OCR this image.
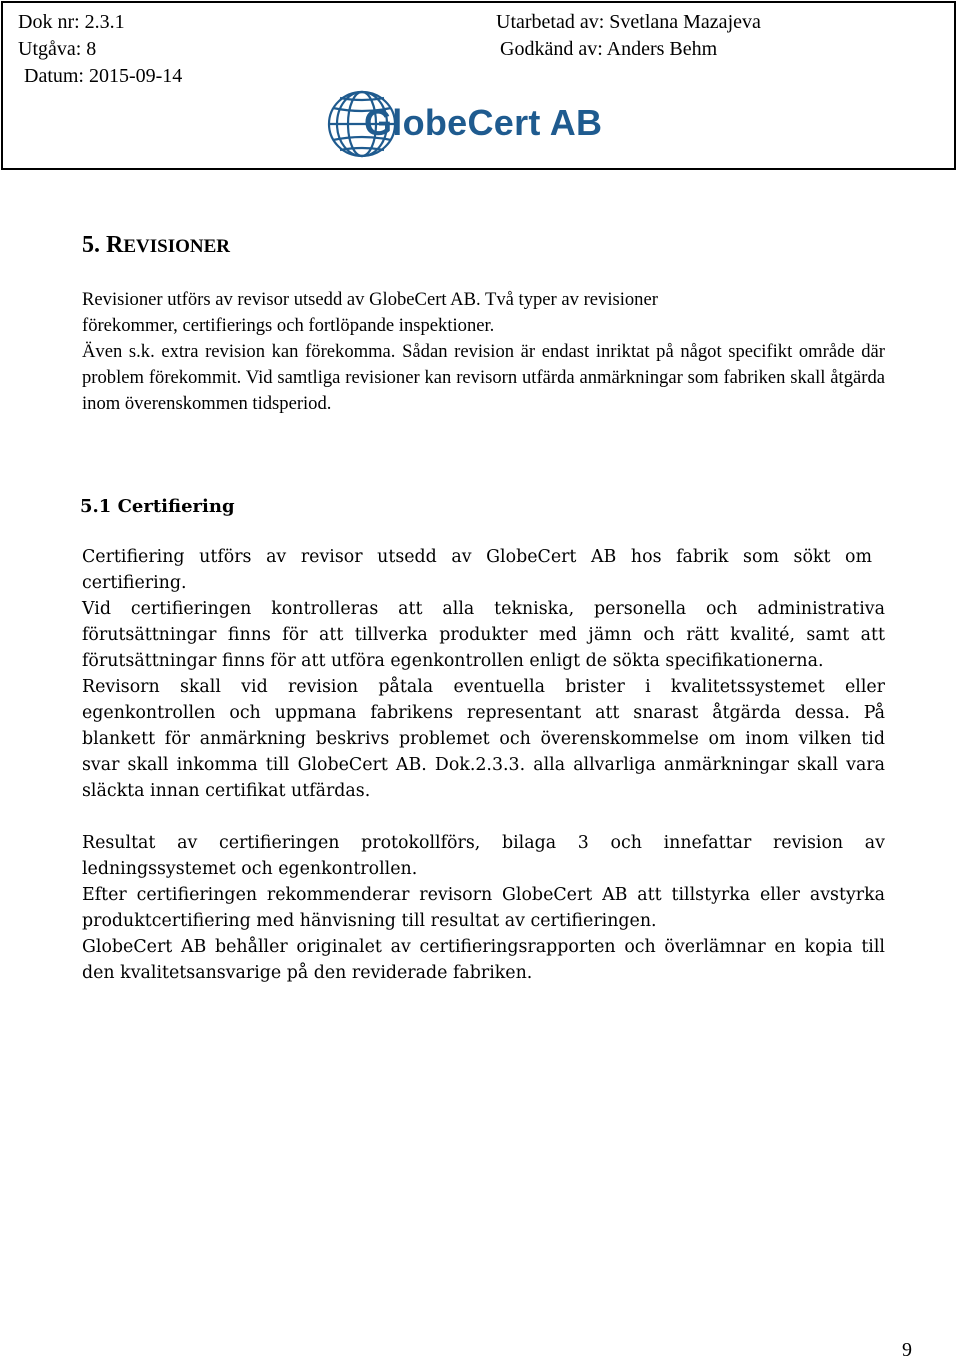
Dok nr: 2.3.1
Utgåva: 8
Datum: 2015-09-14
Utarbetad av: Svetlana Mazajeva
Godkänd av: Anders Behm
GlobeCert AB
5. REVISIONER

Revisioner utförs av revisor utsedd av GlobeCert AB. Två typer av revisioner förekommer, certifierings och fortlöpande inspektioner.

Även s.k. extra revision kan förekomma. Sådan revision är endast inriktat på något specifikt område där problem förekommit. Vid samtliga revisioner kan revisorn utfärda anmärkningar som fabriken skall åtgärda inom överenskommen tidsperiod.

5.1 Certifiering

Certifiering utförs av revisor utsedd av GlobeCert AB hos fabrik som sökt om certifiering.

Vid certifieringen kontrolleras att alla tekniska, personella och administrativa förutsättningar finns för att tillverka produkter med jämn och rätt kvalité, samt att förutsättningar finns för att utföra egenkontrollen enligt de sökta specifikationerna.

Revisorn skall vid revision påtala eventuella brister i kvalitetssystemet eller egenkontrollen och uppmana fabrikens representant att snarast åtgärda dessa. På blankett för anmärkning beskrivs problemet och överenskommelse om inom vilken tid svar skall inkomma till GlobeCert AB. Dok.2.3.3. alla allvarliga anmärkningar skall vara släckta innan certifikat utfärdas.

Resultat av certifieringen protokollförs, bilaga 3 och innefattar revision av ledningssystemet och egenkontrollen.

Efter certifieringen rekommenderar revisorn GlobeCert AB att tillstyrka eller avstyrka produktcertifiering med hänvisning till resultat av certifieringen.

GlobeCert AB behåller originalet av certifieringsrapporten och överlämnar en kopia till den kvalitetsansvarige på den reviderade fabriken.

9
